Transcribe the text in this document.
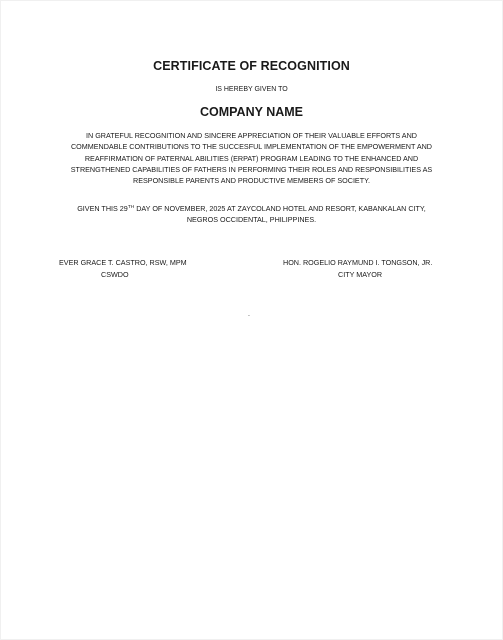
CERTIFICATE OF RECOGNITION
IS HEREBY GIVEN TO
COMPANY NAME
IN GRATEFUL RECOGNITION AND SINCERE APPRECIATION OF THEIR VALUABLE EFFORTS AND COMMENDABLE CONTRIBUTIONS TO THE SUCCESFUL IMPLEMENTATION OF THE EMPOWERMENT AND REAFFIRMATION OF PATERNAL ABILITIES (ERPAT) PROGRAM LEADING TO THE ENHANCED AND STRENGTHENED CAPABILITIES OF FATHERS IN PERFORMING THEIR ROLES AND RESPONSIBILITIES AS RESPONSIBLE PARENTS AND PRODUCTIVE MEMBERS OF SOCIETY.
GIVEN THIS 29TH DAY OF NOVEMBER, 2025 AT ZAYCOLAND HOTEL AND RESORT, KABANKALAN CITY,
NEGROS OCCIDENTAL, PHILIPPINES.
EVER GRACE T. CASTRO, RSW, MPM
CSWDO
HON. ROGELIO RAYMUND I. TONGSON, JR.
CITY MAYOR
.
